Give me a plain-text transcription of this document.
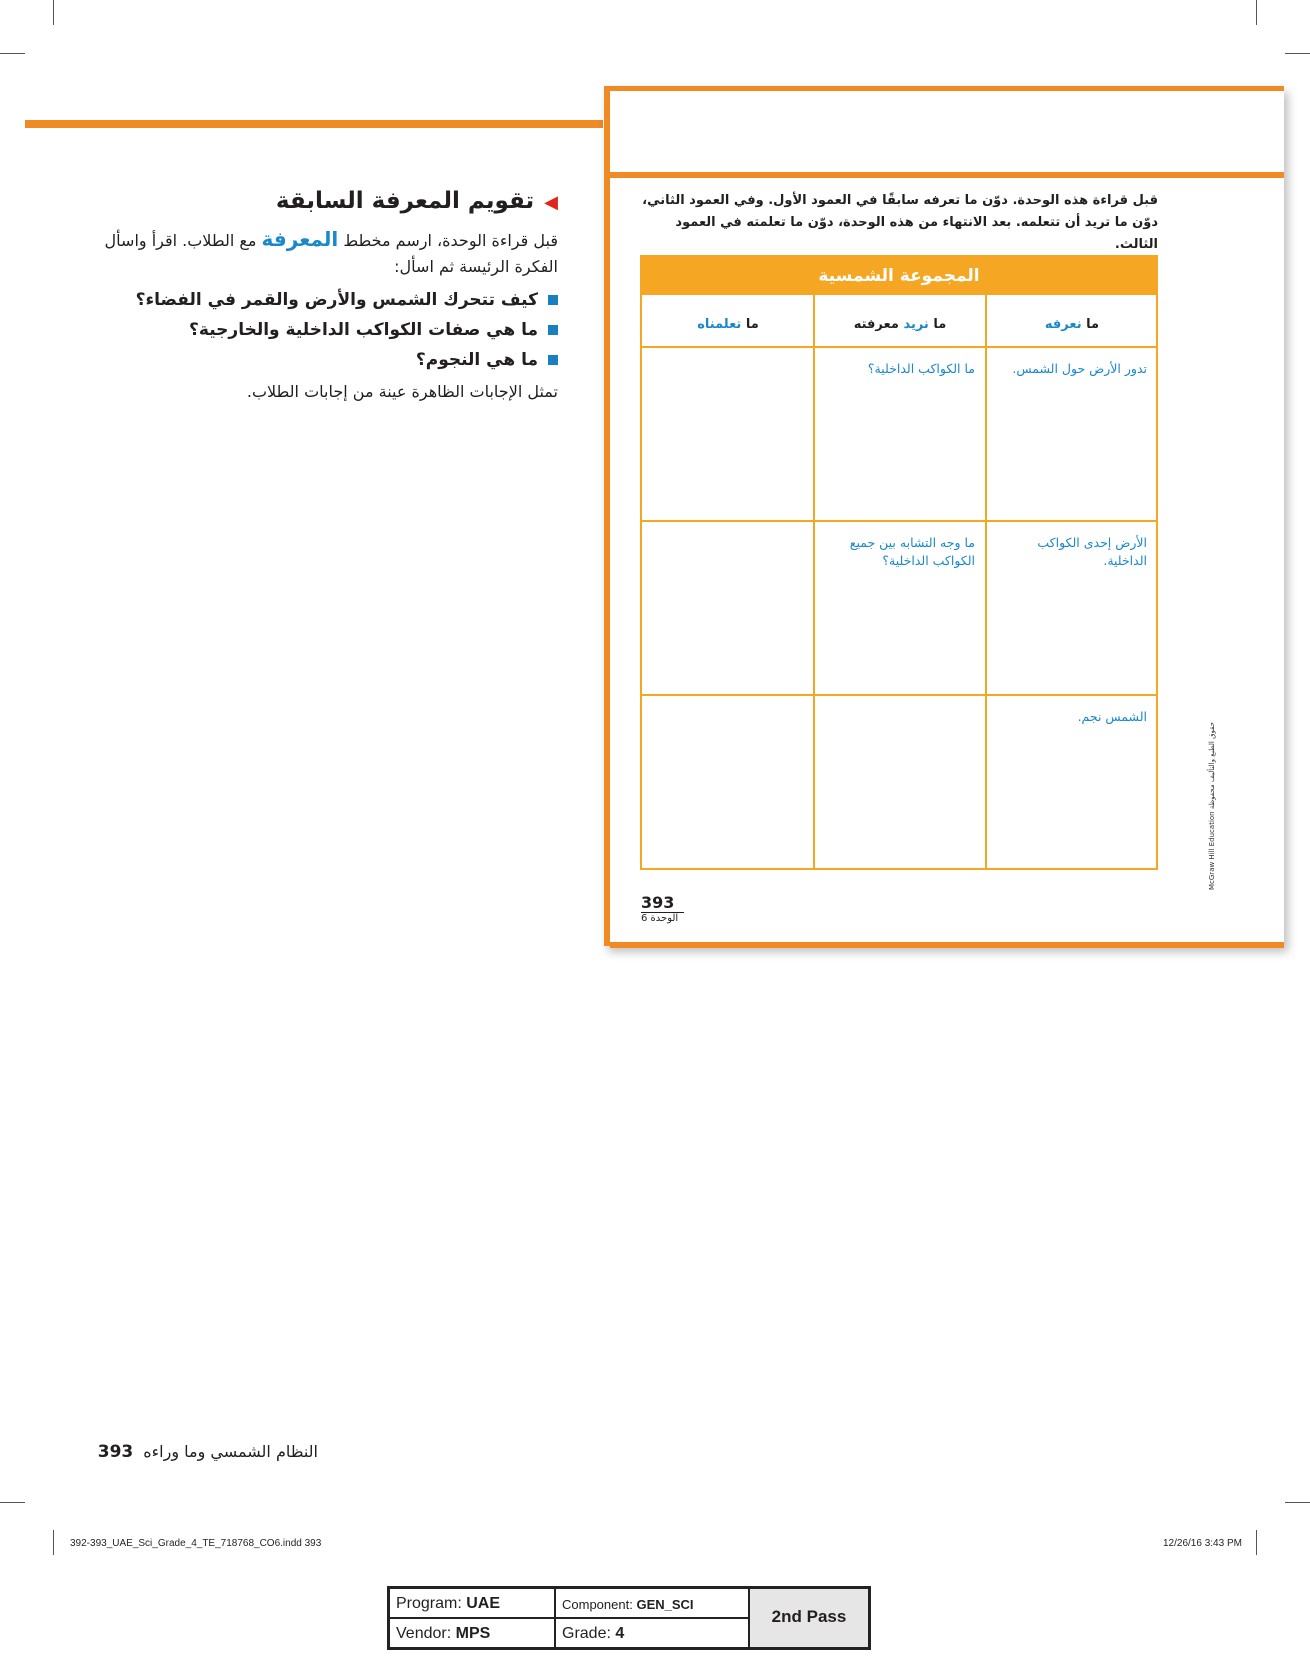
◀تقويم المعرفة السابقة
قبل قراءة الوحدة، ارسم مخطط المعرفة مع الطلاب. اقرأ واسأل الفكرة الرئيسة ثم اسأل:
كيف تتحرك الشمس والأرض والقمر في الفضاء؟
ما هي صفات الكواكب الداخلية والخارجية؟
ما هي النجوم؟
تمثل الإجابات الظاهرة عينة من إجابات الطلاب.
النظام الشمسي وما وراءه393
قبل قراءة هذه الوحدة. دوّن ما تعرفه سابقًا في العمود الأول. وفي العمود الثاني، دوّن ما تريد أن تتعلمه. بعد الانتهاء من هذه الوحدة، دوّن ما تعلمته في العمود الثالث.
المجموعة الشمسية
ما نعرفه
ما نريد معرفته
ما تعلمناه
تدور الأرض حول الشمس.
ما الكواكب الداخلية؟
الأرض إحدى الكواكب الداخلية.
ما وجه التشابه بين جميع الكواكب الداخلية؟
الشمس نجم.
393
الوحدة 6
McGraw Hill Education حقوق الطبع والتأليف محفوظة
392-393_UAE_Sci_Grade_4_TE_718768_CO6.indd 393	12/26/16 3:43 PM
Program: UAE
Vendor: MPS
Component: GEN_SCI
Grade: 4
2nd Pass
